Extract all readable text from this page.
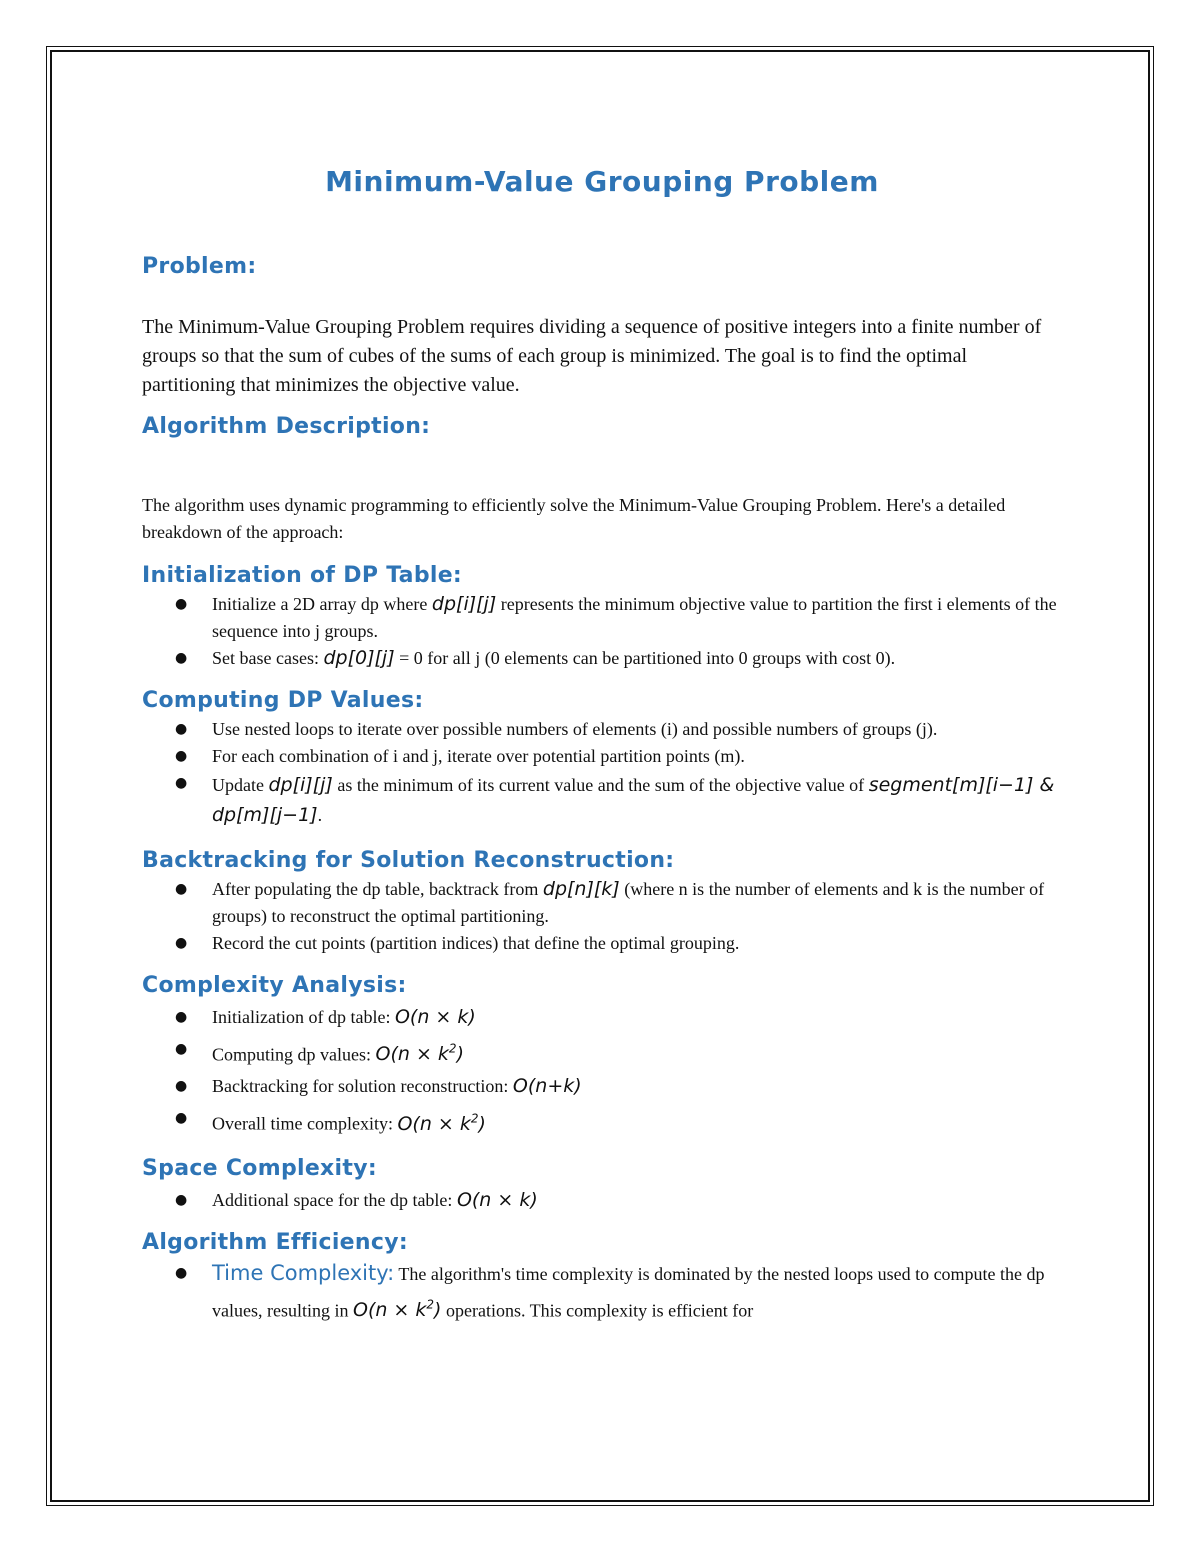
Minimum-Value Grouping Problem
Problem:

The Minimum-Value Grouping Problem requires dividing a sequence of positive integers into a finite number of groups so that the sum of cubes of the sums of each group is minimized. The goal is to find the optimal partitioning that minimizes the objective value.

Algorithm Description:

The algorithm uses dynamic programming to efficiently solve the Minimum-Value Grouping Problem. Here's a detailed breakdown of the approach:

Initialization of DP Table:
● Initialize a 2D array dp where dp[i][j] represents the minimum objective value to partition the first i elements of the sequence into j groups.
● Set base cases: dp[0][j] = 0 for all j (0 elements can be partitioned into 0 groups with cost 0).
Computing DP Values:
● Use nested loops to iterate over possible numbers of elements (i) and possible numbers of groups (j).
● For each combination of i and j, iterate over potential partition points (m).
● Update dp[i][j] as the minimum of its current value and the sum of the objective value of segment[m][i−1] & dp[m][j−1].
Backtracking for Solution Reconstruction:
● After populating the dp table, backtrack from dp[n][k] (where n is the number of elements and k is the number of groups) to reconstruct the optimal partitioning.
● Record the cut points (partition indices) that define the optimal grouping.
Complexity Analysis:
● Initialization of dp table: O(n × k)
● Computing dp values: $O(n \times k^2)$
● Backtracking for solution reconstruction: O(n+k)
● Overall time complexity: $O(n \times k^2)$
Space Complexity:
● Additional space for the dp table: O(n × k)
Algorithm Efficiency:
● Time Complexity: The algorithm's time complexity is dominated by the nested loops used to compute the dp values, resulting in $O(n \times k^2)$ operations. This complexity is efficient for
